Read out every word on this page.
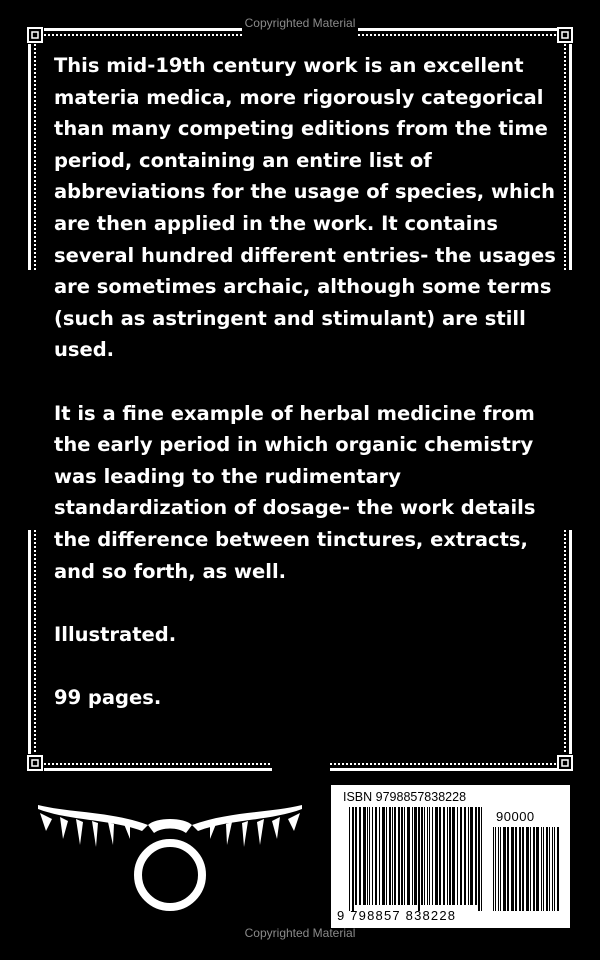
Copyrighted Material

This mid-19th century work is an excellent materia medica, more rigorously categorical than many competing editions from the time period, containing an entire list of abbreviations for the usage of species, which are then applied in the work. It contains several hundred different entries- the usages are sometimes archaic, although some terms (such as astringent and stimulant) are still used.

It is a fine example of herbal medicine from the early period in which organic chemistry was leading to the rudimentary standardization of dosage- the work details the difference between tinctures, extracts, and so forth, as well.

Illustrated.

99 pages.

ISBN 9798857838228
90000
9 798857 838228
Copyrighted Material
